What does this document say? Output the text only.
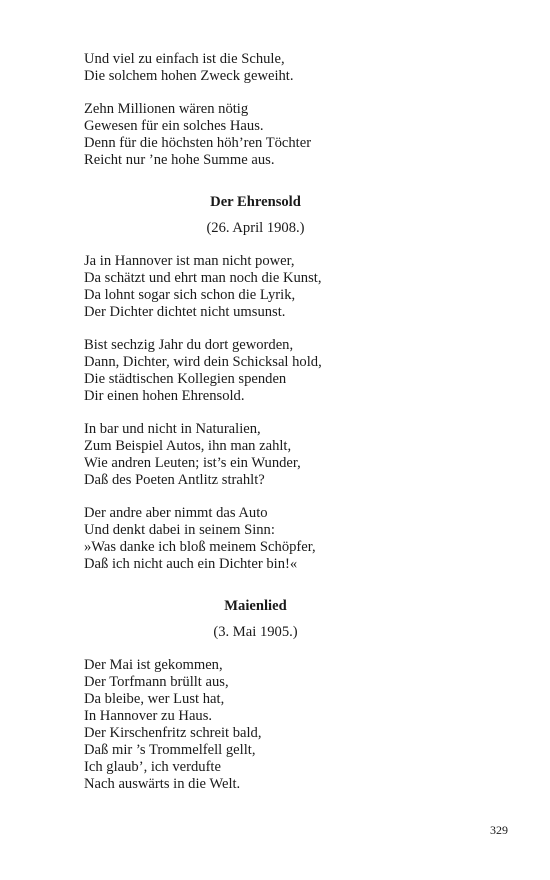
Und viel zu einfach ist die Schule,
Die solchem hohen Zweck geweiht.
Zehn Millionen wären nötig
Gewesen für ein solches Haus.
Denn für die höchsten höh’ren Töchter
Reicht nur ’ne hohe Summe aus.
Der Ehrensold
(26. April 1908.)
Ja in Hannover ist man nicht power,
Da schätzt und ehrt man noch die Kunst,
Da lohnt sogar sich schon die Lyrik,
Der Dichter dichtet nicht umsunst.
Bist sechzig Jahr du dort geworden,
Dann, Dichter, wird dein Schicksal hold,
Die städtischen Kollegien spenden
Dir einen hohen Ehrensold.
In bar und nicht in Naturalien,
Zum Beispiel Autos, ihn man zahlt,
Wie andren Leuten; ist’s ein Wunder,
Daß des Poeten Antlitz strahlt?
Der andre aber nimmt das Auto
Und denkt dabei in seinem Sinn:
»Was danke ich bloß meinem Schöpfer,
Daß ich nicht auch ein Dichter bin!«
Maienlied
(3. Mai 1905.)
Der Mai ist gekommen,
Der Torfmann brüllt aus,
Da bleibe, wer Lust hat,
In Hannover zu Haus.
Der Kirschenfritz schreit bald,
Daß mir ’s Trommelfell gellt,
Ich glaub’, ich verdufte
Nach auswärts in die Welt.
329
